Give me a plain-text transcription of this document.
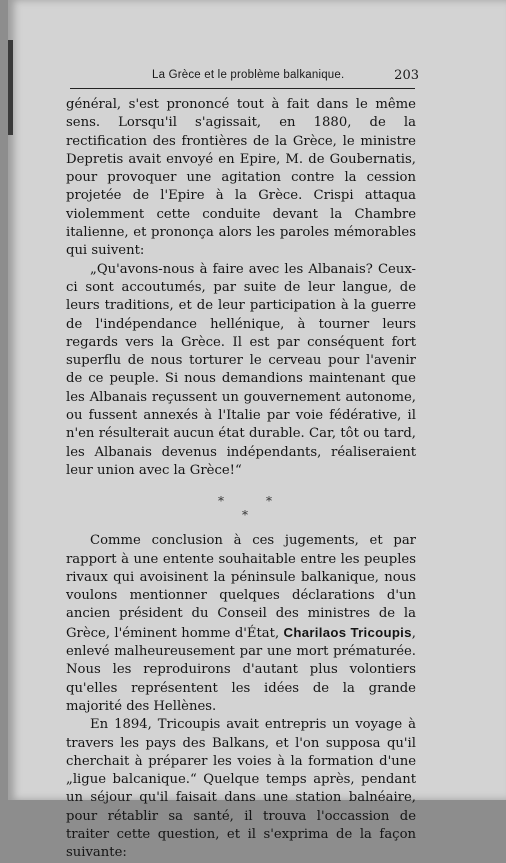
La Grèce et le problème balkanique.	203

général, s'est prononcé tout à fait dans le même sens. Lorsqu'il s'agissait, en 1880, de la rectification des frontières de la Grèce, le ministre Depretis avait envoyé en Epire, M. de Goubernatis, pour provoquer une agitation contre la cession projetée de l'Epire à la Grèce. Crispi attaqua violemment cette conduite devant la Chambre italienne, et prononça alors les paroles mémorables qui suivent:

„Qu'avons-nous à faire avec les Albanais? Ceux-ci sont accoutumés, par suite de leur langue, de leurs traditions, et de leur participation à la guerre de l'indépendance hellénique, à tourner leurs regards vers la Grèce. Il est par conséquent fort superflu de nous torturer le cerveau pour l'avenir de ce peuple. Si nous demandions maintenant que les Albanais reçussent un gouvernement autonome, ou fussent annexés à l'Italie par voie fédérative, il n'en résulterait aucun état durable. Car, tôt ou tard, les Albanais devenus indépendants, réaliseraient leur union avec la Grèce!“

*	*
*

Comme conclusion à ces jugements, et par rapport à une entente souhaitable entre les peuples rivaux qui avoisinent la péninsule balkanique, nous voulons mentionner quelques déclarations d'un ancien président du Conseil des ministres de la Grèce, l'éminent homme d'État, Charilaos Tricoupis, enlevé malheureusement par une mort prématurée. Nous les reproduirons d'autant plus volontiers qu'elles représentent les idées de la grande majorité des Hellènes.

En 1894, Tricoupis avait entrepris un voyage à travers les pays des Balkans, et l'on supposa qu'il cherchait à préparer les voies à la formation d'une „ligue balcanique.“ Quelque temps après, pendant un séjour qu'il faisait dans une station balnéaire, pour rétablir sa santé, il trouva l'occassion de traiter cette question, et il s'exprima de la façon suivante:
